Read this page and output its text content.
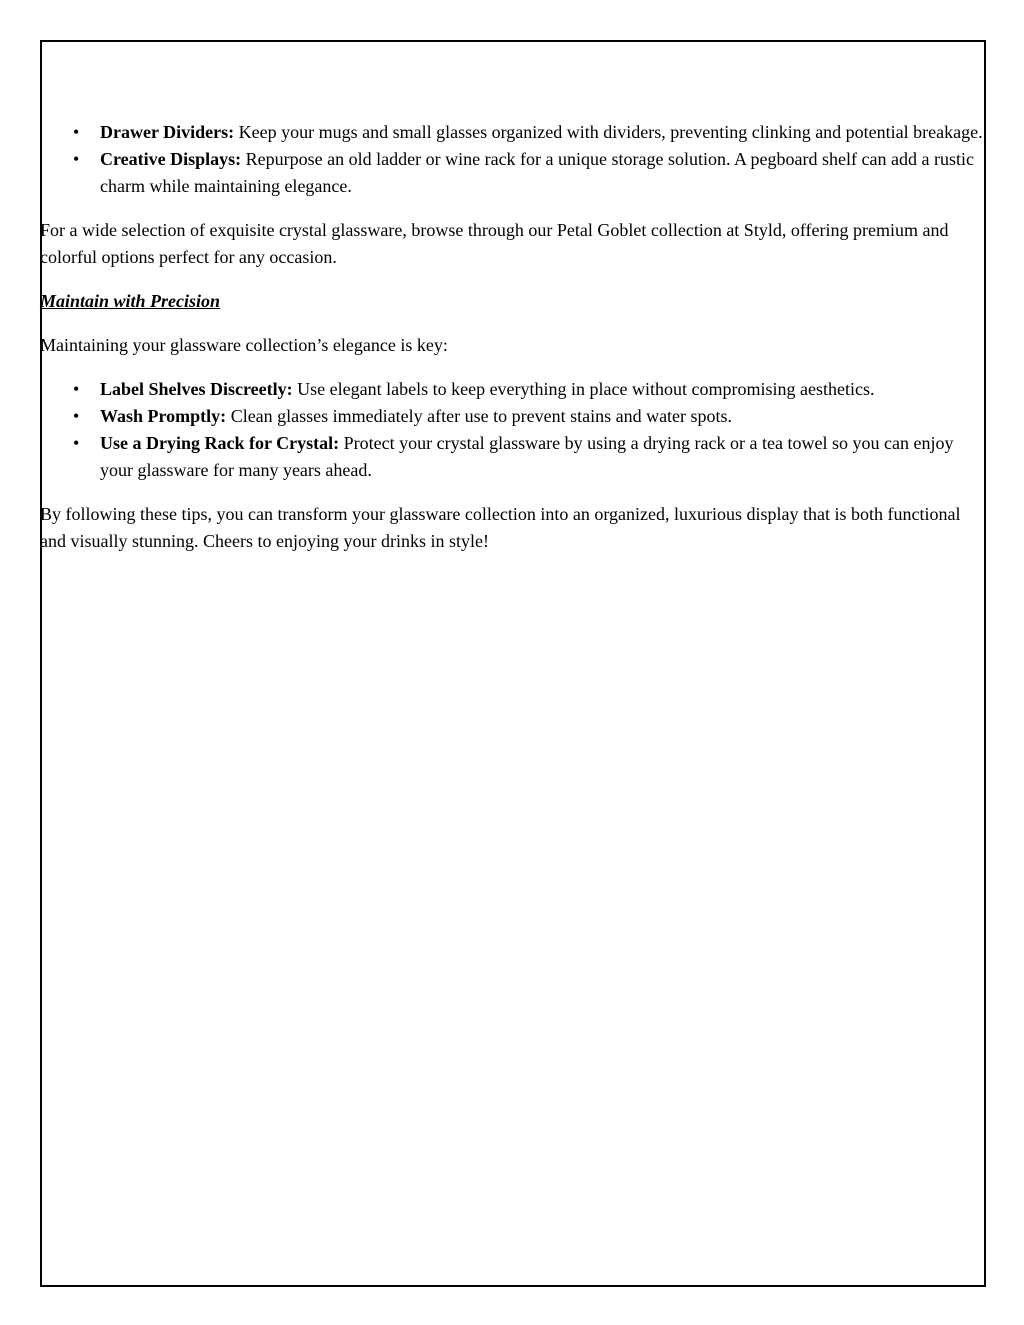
• Drawer Dividers: Keep your mugs and small glasses organized with dividers, preventing clinking and potential breakage.
• Creative Displays: Repurpose an old ladder or wine rack for a unique storage solution. A pegboard shelf can add a rustic charm while maintaining elegance.

For a wide selection of exquisite crystal glassware, browse through our Petal Goblet collection at Styld, offering premium and colorful options perfect for any occasion.

Maintain with Precision

Maintaining your glassware collection’s elegance is key:

• Label Shelves Discreetly: Use elegant labels to keep everything in place without compromising aesthetics.
• Wash Promptly: Clean glasses immediately after use to prevent stains and water spots.
• Use a Drying Rack for Crystal: Protect your crystal glassware by using a drying rack or a tea towel so you can enjoy your glassware for many years ahead.

By following these tips, you can transform your glassware collection into an organized, luxurious display that is both functional and visually stunning. Cheers to enjoying your drinks in style!
